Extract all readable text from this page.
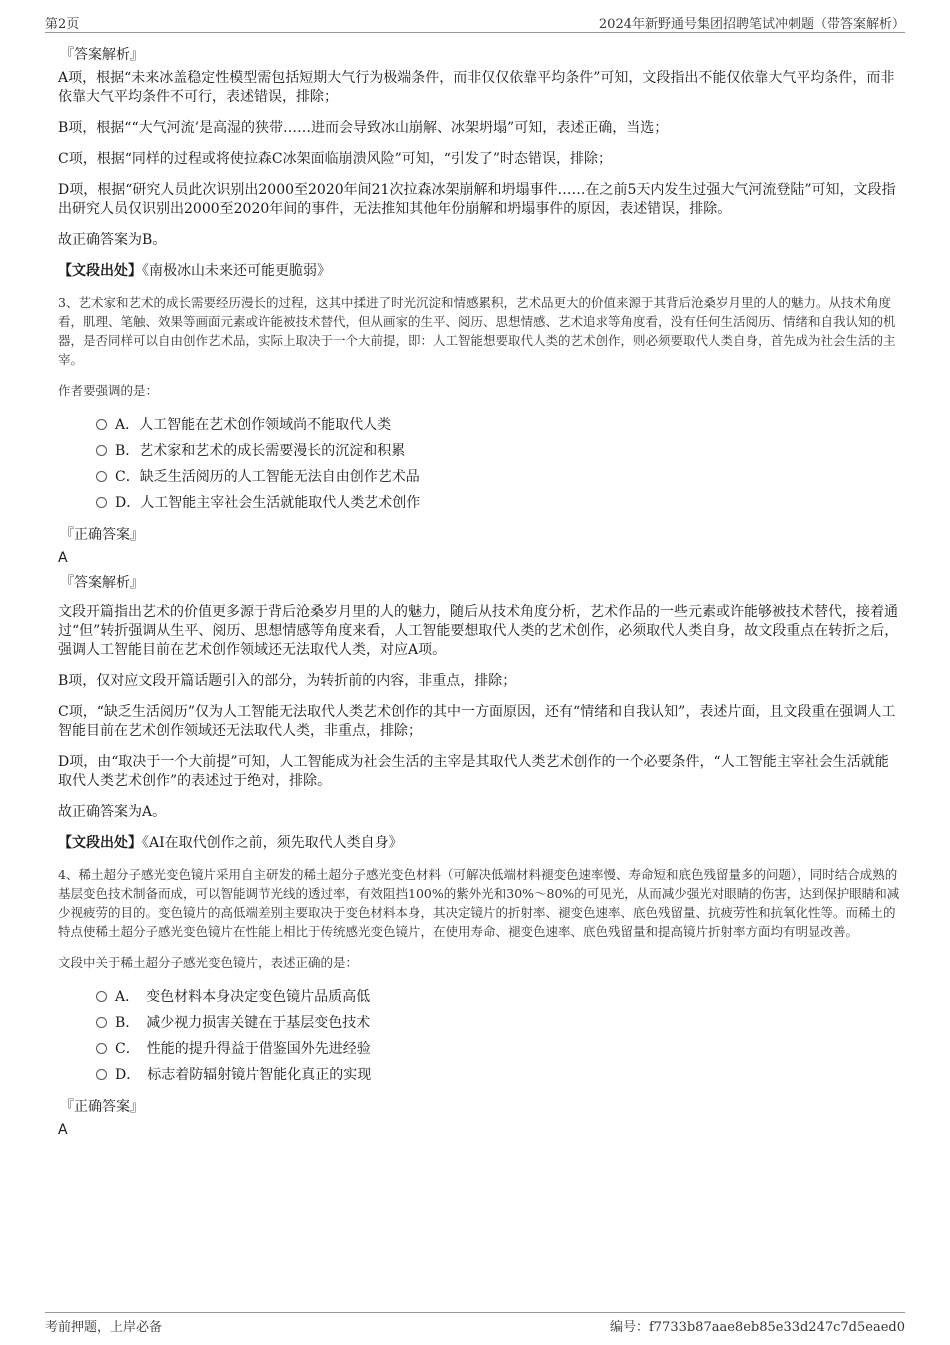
第2页	2024年新野通号集团招聘笔试冲刺题（带答案解析）
『答案解析』
A项，根据“未来冰盖稳定性模型需包括短期大气行为极端条件，而非仅仅依靠平均条件”可知，文段指出不能仅依靠大气平均条件，而非依靠大气平均条件不可行，表述错误，排除；
B项，根据““大气河流’是高湿的狭带……进而会导致冰山崩解、冰架坍塌”可知，表述正确，当选；
C项，根据“同样的过程或将使拉森C冰架面临崩溃风险”可知，“引发了”时态错误，排除；
D项，根据“研究人员此次识别出2000至2020年间21次拉森冰架崩解和坍塌事件……在之前5天内发生过强大气河流登陆”可知，文段指出研究人员仅识别出2000至2020年间的事件，无法推知其他年份崩解和坍塌事件的原因，表述错误，排除。
故正确答案为B。
【文段出处】《南极冰山未来还可能更脆弱》
3、艺术家和艺术的成长需要经历漫长的过程，这其中揉进了时光沉淀和情感累积，艺术品更大的价值来源于其背后沧桑岁月里的人的魅力。从技术角度看，肌理、笔触、效果等画面元素或许能被技术替代，但从画家的生平、阅历、思想情感、艺术追求等角度看，没有任何生活阅历、情绪和自我认知的机器，是否同样可以自由创作艺术品，实际上取决于一个大前提，即：人工智能想要取代人类的艺术创作，则必须要取代人类自身，首先成为社会生活的主宰。
作者要强调的是：
A．人工智能在艺术创作领域尚不能取代人类
B．艺术家和艺术的成长需要漫长的沉淀和积累
C．缺乏生活阅历的人工智能无法自由创作艺术品
D．人工智能主宰社会生活就能取代人类艺术创作
『正确答案』
A
『答案解析』
文段开篇指出艺术的价值更多源于背后沧桑岁月里的人的魅力，随后从技术角度分析，艺术作品的一些元素或许能够被技术替代，接着通过“但”转折强调从生平、阅历、思想情感等角度来看，人工智能要想取代人类的艺术创作，必须取代人类自身，故文段重点在转折之后，强调人工智能目前在艺术创作领域还无法取代人类，对应A项。
B项，仅对应文段开篇话题引入的部分，为转折前的内容，非重点，排除；
C项，“缺乏生活阅历”仅为人工智能无法取代人类艺术创作的其中一方面原因，还有“情绪和自我认知”，表述片面，且文段重在强调人工智能目前在艺术创作领域还无法取代人类，非重点，排除；
D项，由“取决于一个大前提”可知，人工智能成为社会生活的主宰是其取代人类艺术创作的一个必要条件，“人工智能主宰社会生活就能取代人类艺术创作”的表述过于绝对，排除。
故正确答案为A。
【文段出处】《AI在取代创作之前，须先取代人类自身》
4、稀土超分子感光变色镜片采用自主研发的稀土超分子感光变色材料（可解决低端材料褪变色速率慢、寿命短和底色残留量多的问题），同时结合成熟的基层变色技术制备而成，可以智能调节光线的透过率，有效阻挡100%的紫外光和30%～80%的可见光，从而减少强光对眼睛的伤害，达到保护眼睛和减少视疲劳的目的。变色镜片的高低端差别主要取决于变色材料本身，其决定镜片的折射率、褪变色速率、底色残留量、抗疲劳性和抗氧化性等。而稀土的特点使稀土超分子感光变色镜片在性能上相比于传统感光变色镜片，在使用寿命、褪变色速率、底色残留量和提高镜片折射率方面均有明显改善。
文段中关于稀土超分子感光变色镜片，表述正确的是：
A．　变色材料本身决定变色镜片品质高低
B．　减少视力损害关键在于基层变色技术
C．　性能的提升得益于借鉴国外先进经验
D．　标志着防辐射镜片智能化真正的实现
『正确答案』
A
考前押题，上岸必备	编号：f7733b87aae8eb85e33d247c7d5eaed0
